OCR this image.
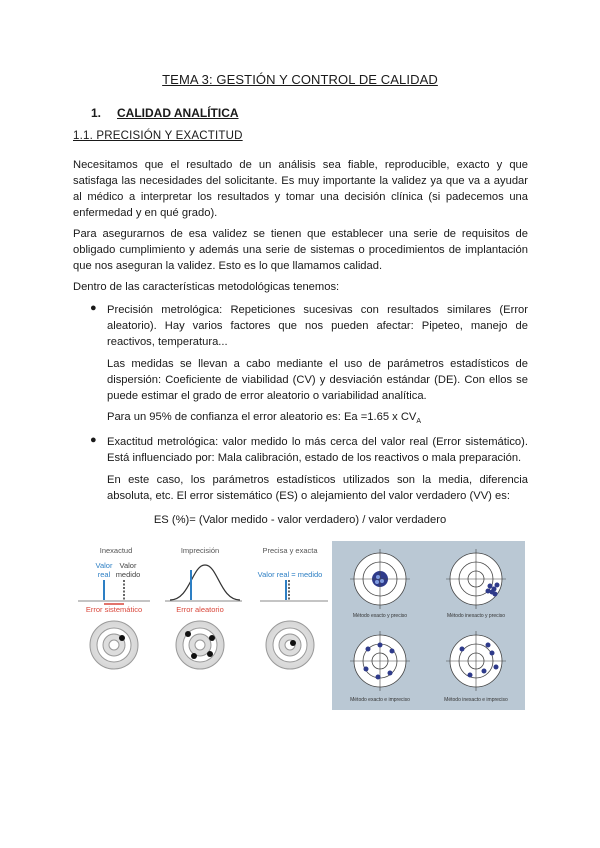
TEMA 3: GESTIÓN Y CONTROL DE CALIDAD
1. CALIDAD ANALÍTICA
1.1. PRECISIÓN Y EXACTITUD

Necesitamos que el resultado de un análisis sea fiable, reproducible, exacto y que satisfaga las necesidades del solicitante. Es muy importante la validez ya que va a ayudar al médico a interpretar los resultados y tomar una decisión clínica (si padecemos una enfermedad y en qué grado).

Para asegurarnos de esa validez se tienen que establecer una serie de requisitos de obligado cumplimiento y además una serie de sistemas o procedimientos de implantación que nos aseguran la validez. Esto es lo que llamamos calidad.

Dentro de las características metodológicas tenemos:

● Precisión metrológica: Repeticiones sucesivas con resultados similares (Error aleatorio). Hay varios factores que nos pueden afectar: Pipeteo, manejo de reactivos, temperatura...

Las medidas se llevan a cabo mediante el uso de parámetros estadísticos de dispersión: Coeficiente de viabilidad (CV) y desviación estándar (DE). Con ellos se puede estimar el grado de error aleatorio o variabilidad analítica.

Para un 95% de confianza el error aleatorio es: Ea =1.65 x $CV_A$

● Exactitud metrológica: valor medido lo más cerca del valor real (Error sistemático). Está influenciado por: Mala calibración, estado de los reactivos o mala preparación.

En este caso, los parámetros estadísticos utilizados son la media, diferencia absoluta, etc. El error sistemático (ES) o alejamiento del valor verdadero (VV) es:

ES (%)= (Valor medido - valor verdadero) / valor verdadero
Inexactud
Valor
real
Valor
medido
Error sistemático
Imprecisión
Error aleatorio
Precisa y exacta
Valor real = medido
Método exacto y preciso	Método inexacto y preciso
Método exacto e impreciso	Método inexacto e impreciso
